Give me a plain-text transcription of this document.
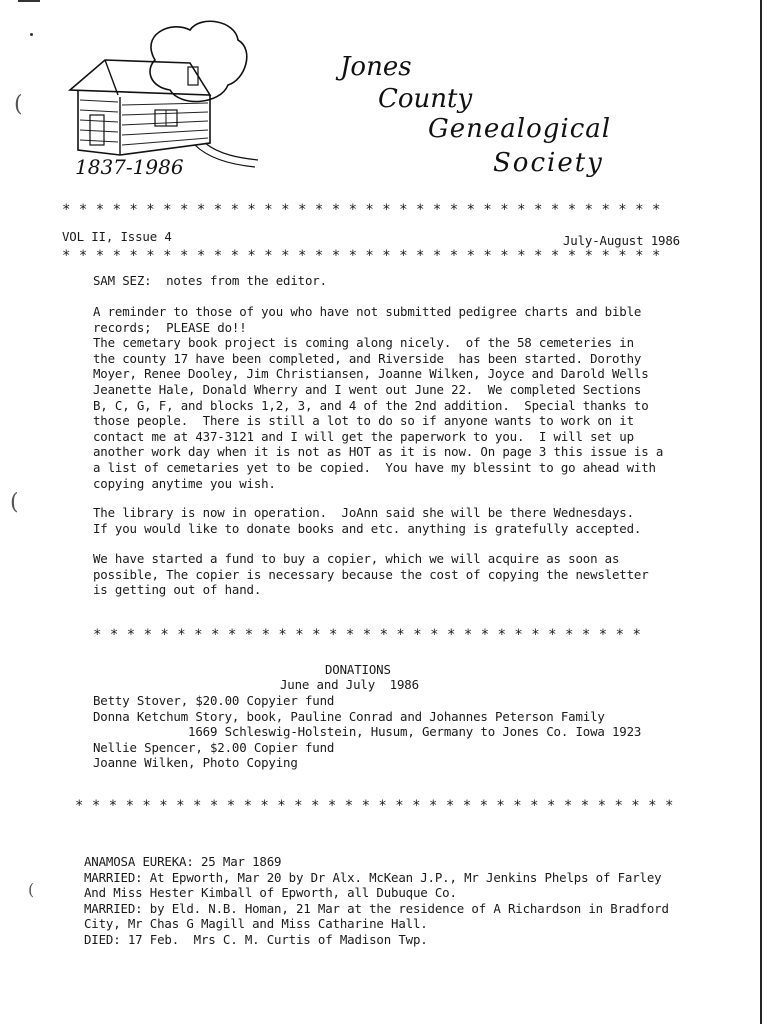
1837-1986
Jones
County
Genealogical
Society
* * * * * * * * * * * * * * * * * * * * * * * * * * * * * * * * * * * *
VOL II, Issue 4	July-August 1986
* * * * * * * * * * * * * * * * * * * * * * * * * * * * * * * * * * * *
SAM SEZ:  notes from the editor.
A reminder to those of you who have not submitted pedigree charts and bible
records;  PLEASE do!!
The cemetary book project is coming along nicely.  of the 58 cemeteries in
the county 17 have been completed, and Riverside  has been started. Dorothy
Moyer, Renee Dooley, Jim Christiansen, Joanne Wilken, Joyce and Darold Wells
Jeanette Hale, Donald Wherry and I went out June 22.  We completed Sections
B, C, G, F, and blocks 1,2, 3, and 4 of the 2nd addition.  Special thanks to
those people.  There is still a lot to do so if anyone wants to work on it
contact me at 437-3121 and I will get the paperwork to you.  I will set up
another work day when it is not as HOT as it is now. On page 3 this issue is a
a list of cemetaries yet to be copied.  You have my blessint to go ahead with
copying anytime you wish.
The library is now in operation.  JoAnn said she will be there Wednesdays.
If you would like to donate books and etc. anything is gratefully accepted.
We have started a fund to buy a copier, which we will acquire as soon as
possible, The copier is necessary because the cost of copying the newsletter
is getting out of hand.
* * * * * * * * * * * * * * * * * * * * * * * * * * * * * * * * *
DONATIONS
June and July  1986
Betty Stover, $20.00 Copyier fund
Donna Ketchum Story, book, Pauline Conrad and Johannes Peterson Family
1669 Schleswig-Holstein, Husum, Germany to Jones Co. Iowa 1923
Nellie Spencer, $2.00 Copier fund
Joanne Wilken, Photo Copying
* * * * * * * * * * * * * * * * * * * * * * * * * * * * * * * * * * * *
ANAMOSA EUREKA: 25 Mar 1869
MARRIED: At Epworth, Mar 20 by Dr Alx. McKean J.P., Mr Jenkins Phelps of Farley
And Miss Hester Kimball of Epworth, all Dubuque Co.
MARRIED: by Eld. N.B. Homan, 21 Mar at the residence of A Richardson in Bradford
City, Mr Chas G Magill and Miss Catharine Hall.
DIED: 17 Feb.  Mrs C. M. Curtis of Madison Twp.
(
(
(
